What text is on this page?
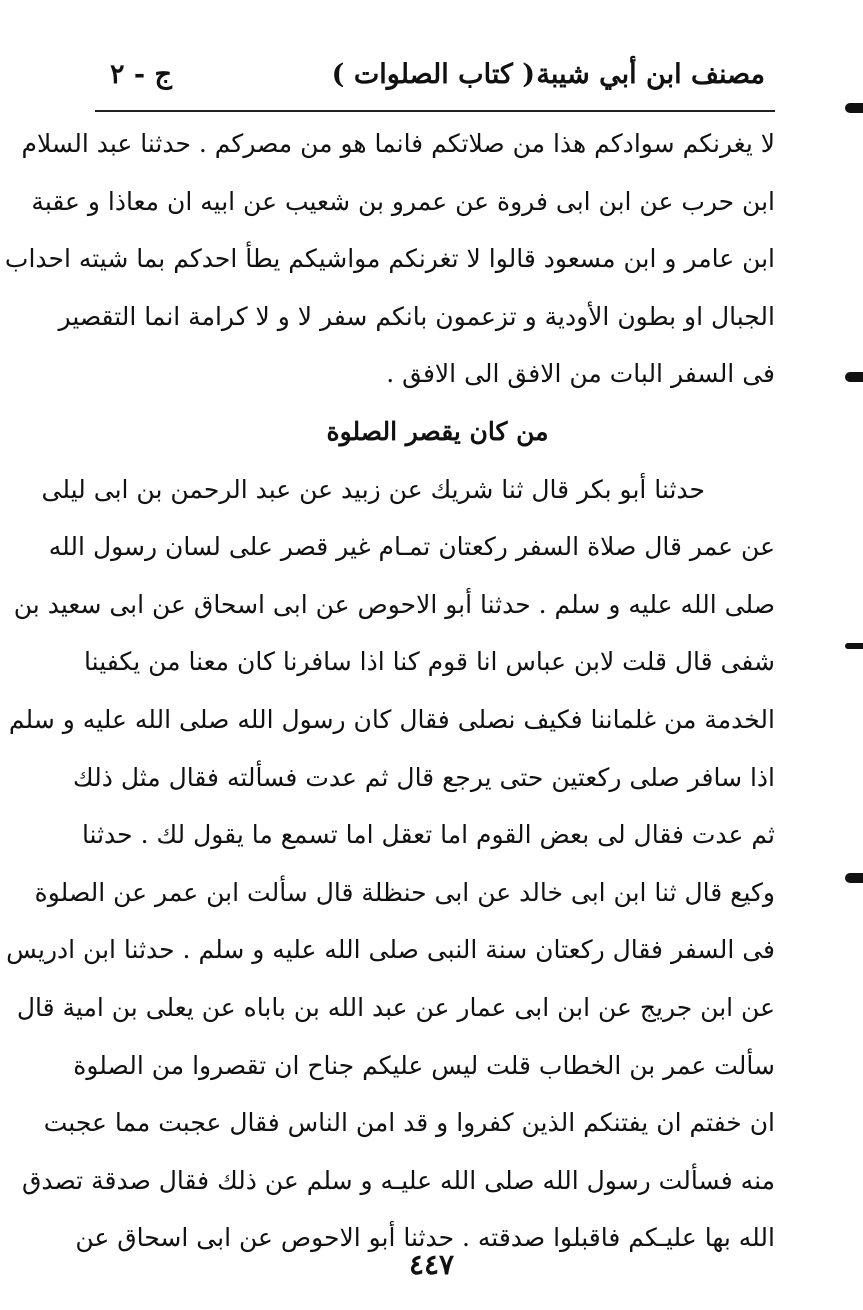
مصنف ابن أبي شيبة
( كتاب الصلوات )
ج - ٢
لا يغرنكم سوادكم هذا من صلاتكم فانما هو من مصركم . حدثنا عبد السلام
ابن حرب عن ابن ابى فروة عن عمرو بن شعيب عن ابيه ان معاذا و عقبة
ابن عامر و ابن مسعود قالوا لا تغرنكم مواشيكم يطأ احدكم بما شيته احداب
الجبال او بطون الأودية و تزعمون بانكم سفر لا و لا كرامة انما التقصير
فى السفر البات من الافق الى الافق .
من كان يقصر الصلوة
حدثنا أبو بكر قال ثنا شريك عن زبيد عن عبد الرحمن بن ابى ليلى
عن عمر قال صلاة السفر ركعتان تمـام غير قصر على لسان رسول الله
صلى الله عليه و سلم . حدثنا أبو الاحوص عن ابى اسحاق عن ابى سعيد بن
شفى قال قلت لابن عباس انا قوم كنا اذا سافرنا كان معنا من يكفينا
الخدمة من غلماننا فكيف نصلى فقال كان رسول الله صلى الله عليه و سلم
اذا سافر صلى ركعتين حتى يرجع قال ثم عدت فسألته فقال مثل ذلك
ثم عدت فقال لى بعض القوم اما تعقل اما تسمع ما يقول لك . حدثنا
وكيع قال ثنا ابن ابى خالد عن ابى حنظلة قال سألت ابن عمر عن الصلوة
فى السفر فقال ركعتان سنة النبى صلى الله عليه و سلم . حدثنا ابن ادريس
عن ابن جريج عن ابن ابى عمار عن عبد الله بن باباه عن يعلى بن امية قال
سألت عمر بن الخطاب قلت ليس عليكم جناح ان تقصروا من الصلوة
ان خفتم ان يفتنكم الذين كفروا و قد امن الناس فقال عجبت مما عجبت
منه فسألت رسول الله صلى الله عليـه و سلم عن ذلك فقال صدقة تصدق
الله بها عليـكم فاقبلوا صدقته . حدثنا أبو الاحوص عن ابى اسحاق عن
٤٤٧
